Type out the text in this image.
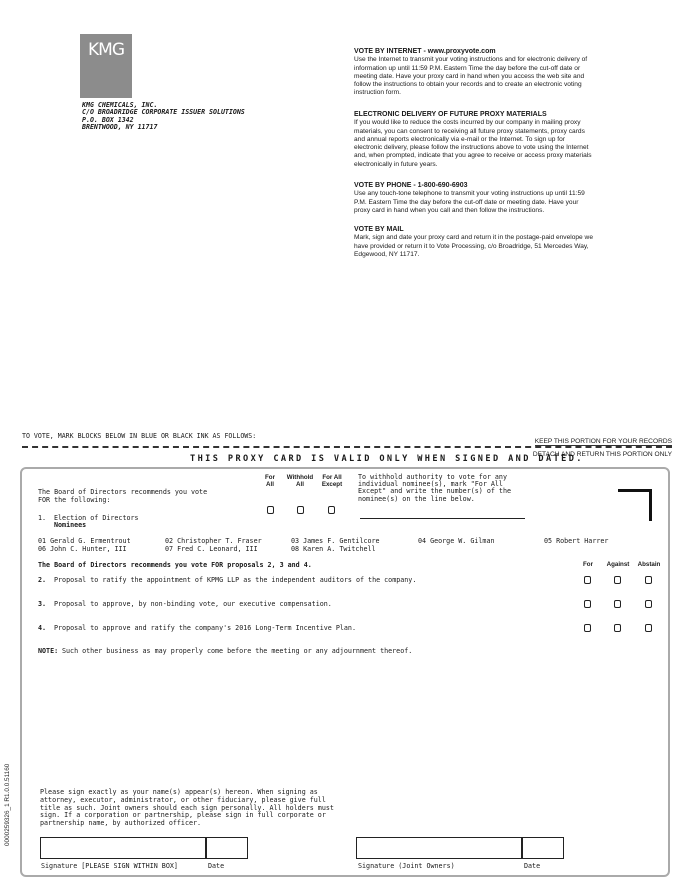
KMG
KMG CHEMICALS, INC.
C/O BROADRIDGE CORPORATE ISSUER SOLUTIONS
P.O. BOX 1342
BRENTWOOD, NY 11717
VOTE BY INTERNET - www.proxyvote.com
Use the Internet to transmit your voting instructions and for electronic delivery of
information up until 11:59 P.M. Eastern Time the day before the cut-off date or
meeting date. Have your proxy card in hand when you access the web site and
follow the instructions to obtain your records and to create an electronic voting
instruction form.
ELECTRONIC DELIVERY OF FUTURE PROXY MATERIALS
If you would like to reduce the costs incurred by our company in mailing proxy
materials, you can consent to receiving all future proxy statements, proxy cards
and annual reports electronically via e-mail or the Internet. To sign up for
electronic delivery, please follow the instructions above to vote using the Internet
and, when prompted, indicate that you agree to receive or access proxy materials
electronically in future years.
VOTE BY PHONE - 1-800-690-6903
Use any touch-tone telephone to transmit your voting instructions up until 11:59
P.M. Eastern Time the day before the cut-off date or meeting date. Have your
proxy card in hand when you call and then follow the instructions.
VOTE BY MAIL
Mark, sign and date your proxy card and return it in the postage-paid envelope we
have provided or return it to Vote Processing, c/o Broadridge, 51 Mercedes Way,
Edgewood, NY 11717.
TO VOTE, MARK BLOCKS BELOW IN BLUE OR BLACK INK AS FOLLOWS:
KEEP THIS PORTION FOR YOUR RECORDS
DETACH AND RETURN THIS PORTION ONLY
THIS PROXY CARD IS VALID ONLY WHEN SIGNED AND DATED.
The Board of Directors recommends you vote
FOR the following:
For
All
Withhold
All
For All
Except
To withhold authority to vote for any
individual nominee(s), mark "For All
Except" and write the number(s) of the
nominee(s) on the line below.
1. Election of Directors
Nominees
01 Gerald G. Ermentrout	02 Christopher T. Fraser	03 James F. Gentilcore	04 George W. Gilman	05 Robert Harrer
06 John C. Hunter, III	07 Fred C. Leonard, III	08 Karen A. Twitchell
The Board of Directors recommends you vote FOR proposals 2, 3 and 4.	For	Against	Abstain
2. Proposal to ratify the appointment of KPMG LLP as the independent auditors of the company.
3. Proposal to approve, by non-binding vote, our executive compensation.
4. Proposal to approve and ratify the company's 2016 Long-Term Incentive Plan.
NOTE: Such other business as may properly come before the meeting or any adjournment thereof.
Please sign exactly as your name(s) appear(s) hereon. When signing as
attorney, executor, administrator, or other fiduciary, please give full
title as such. Joint owners should each sign personally. All holders must
sign. If a corporation or partnership, please sign in full corporate or
partnership name, by authorized officer.
Signature [PLEASE SIGN WITHIN BOX]	Date	Signature (Joint Owners)	Date
0000259326_1 R1.0.0.51160
